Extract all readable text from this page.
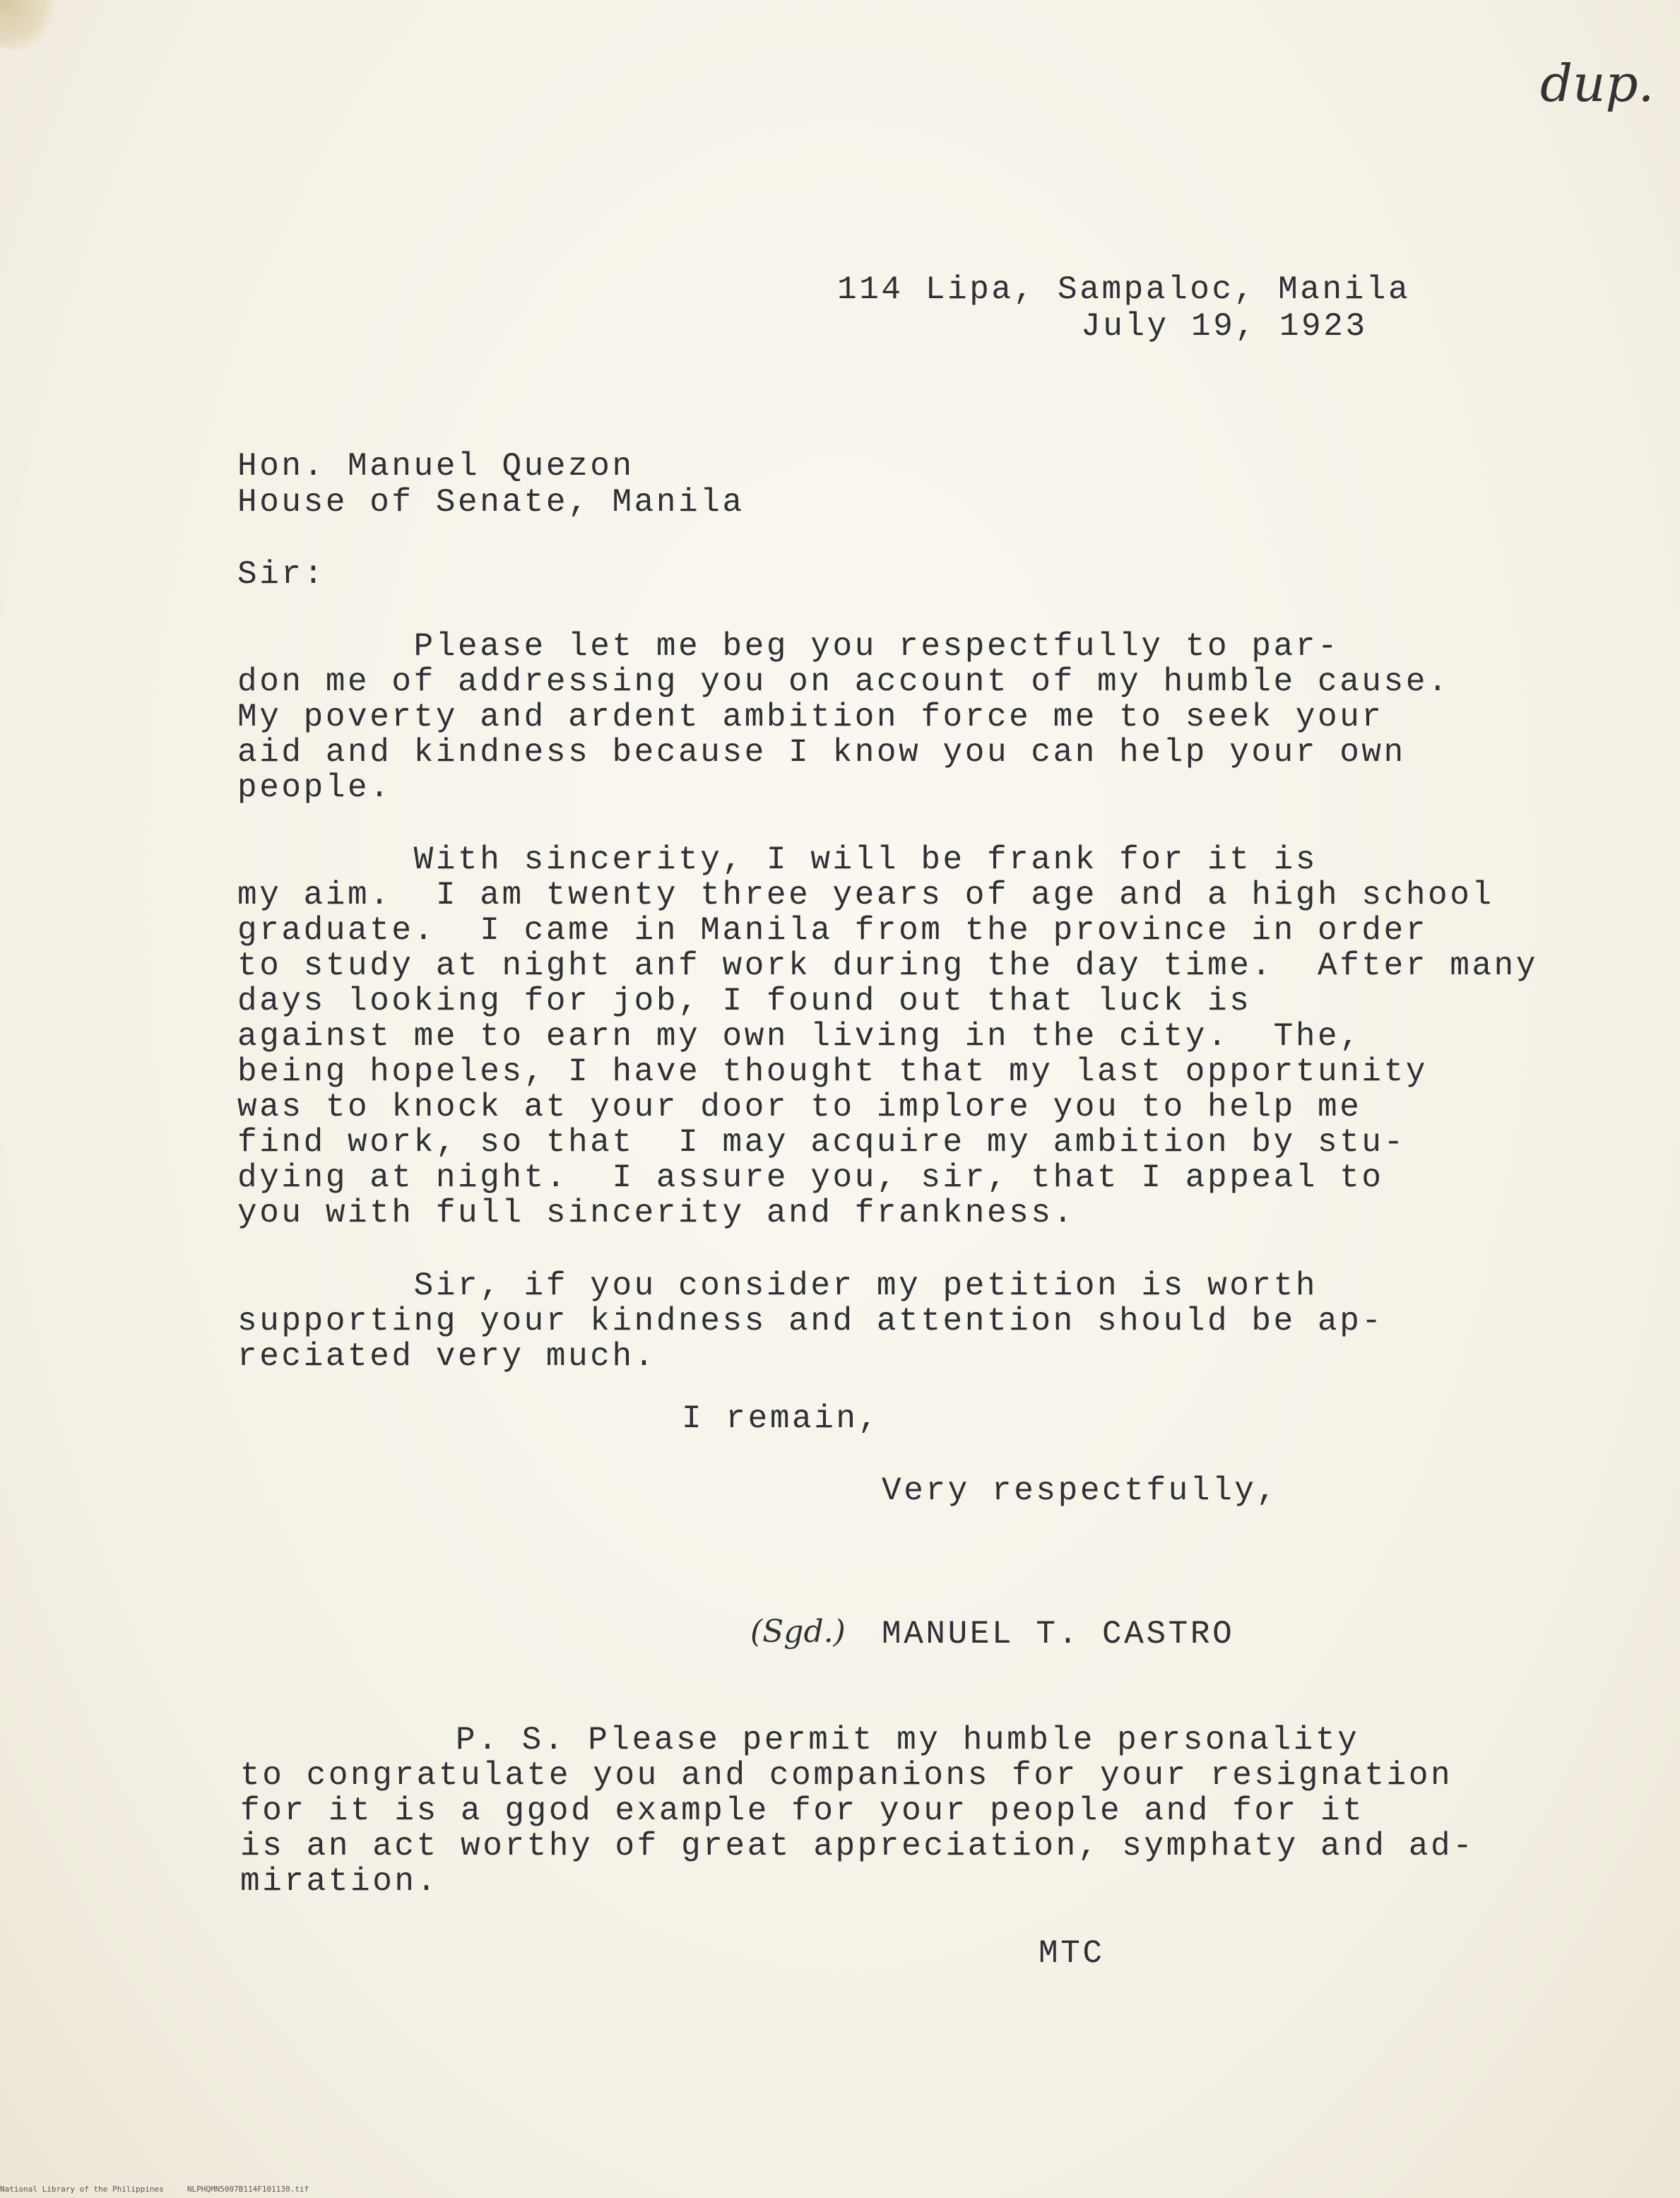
dup.

114 Lipa, Sampaloc, Manila

July 19, 1923

Hon. Manuel Quezon

House of Senate, Manila

Sir:

Please let me beg you respectfully to par-

don me of addressing you on account of my humble cause.

My poverty and ardent ambition force me to seek your

aid and kindness because I know you can help your own

people.

With sincerity, I will be frank for it is

my aim.  I am twenty three years of age and a high school

graduate.  I came in Manila from the province in order

to study at night anf work during the day time.  After many

days looking for job, I found out that luck is

against me to earn my own living in the city.  The,

being hopeles, I have thought that my last opportunity

was to knock at your door to implore you to help me

find work, so that  I may acquire my ambition by stu-

dying at night.  I assure you, sir, that I appeal to

you with full sincerity and frankness.

Sir, if you consider my petition is worth

supporting your kindness and attention should be ap-

reciated very much.

I remain,

Very respectfully,

(Sgd.) MANUEL T. CASTRO

P. S. Please permit my humble personality

to congratulate you and companions for your resignation

for it is a ggod example for your people and for it

is an act worthy of great appreciation, symphaty and ad-

miration.

MTC

National Library of the Philippines     NLPHQMN5007B114F101130.tif
